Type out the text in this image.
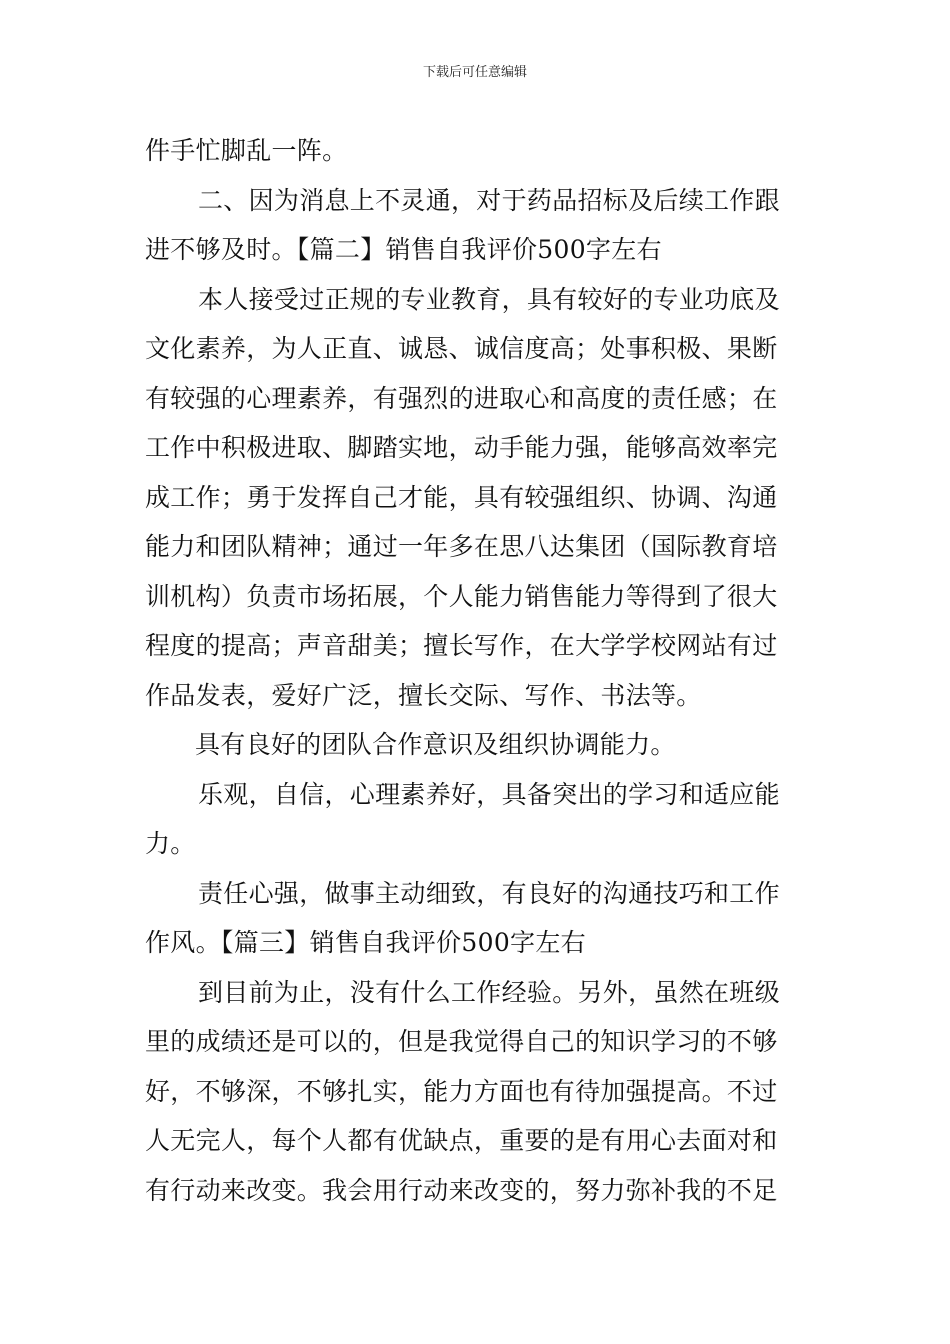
下载后可任意编辑
件手忙脚乱一阵。
二、因为消息上不灵通，对于药品招标及后续工作跟
进不够及时。【篇二】销售自我评价500字左右
本人接受过正规的专业教育，具有较好的专业功底及
文化素养，为人正直、诚恳、诚信度高；处事积极、果断
有较强的心理素养，有强烈的进取心和高度的责任感；在
工作中积极进取、脚踏实地，动手能力强，能够高效率完
成工作；勇于发挥自己才能，具有较强组织、协调、沟通
能力和团队精神；通过一年多在思八达集团（国际教育培
训机构）负责市场拓展，个人能力销售能力等得到了很大
程度的提高；声音甜美；擅长写作，在大学学校网站有过
作品发表，爱好广泛，擅长交际、写作、书法等。
具有良好的团队合作意识及组织协调能力。
乐观，自信，心理素养好，具备突出的学习和适应能
力。
责任心强，做事主动细致，有良好的沟通技巧和工作
作风。【篇三】销售自我评价500字左右
到目前为止，没有什么工作经验。另外，虽然在班级
里的成绩还是可以的，但是我觉得自己的知识学习的不够
好，不够深，不够扎实，能力方面也有待加强提高。不过
人无完人，每个人都有优缺点，重要的是有用心去面对和
有行动来改变。我会用行动来改变的，努力弥补我的不足
